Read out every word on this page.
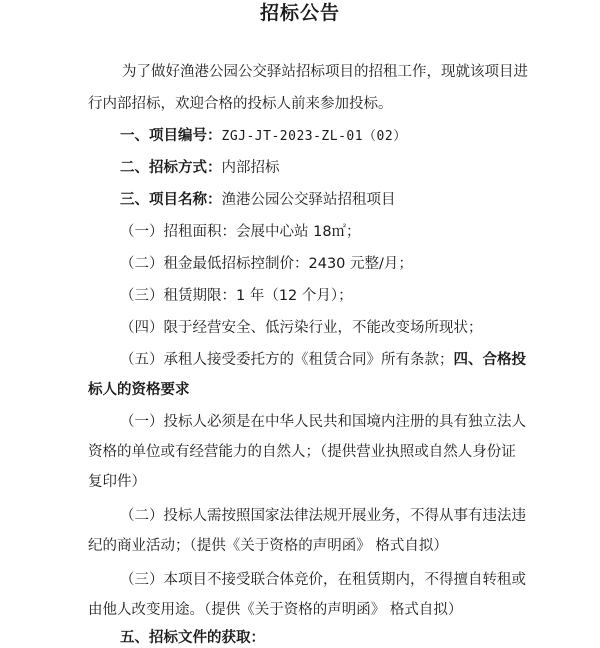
招标公告
为了做好渔港公园公交驿站招标项目的招租工作，现就该项目进
行内部招标，欢迎合格的投标人前来参加投标。
一、项目编号：ZGJ-JT-2023-ZL-01（02）
二、招标方式：内部招标
三、项目名称：渔港公园公交驿站招租项目
（一）招租面积：会展中心站 18㎡；
（二）租金最低招标控制价：2430 元整/月；
（三）租赁期限：1 年（12 个月）；
（四）限于经营安全、低污染行业，不能改变场所现状；
（五）承租人接受委托方的《租赁合同》所有条款；四、合格投
标人的资格要求
（一）投标人必须是在中华人民共和国境内注册的具有独立法人
资格的单位或有经营能力的自然人；（提供营业执照或自然人身份证
复印件）
（二）投标人需按照国家法律法规开展业务，不得从事有违法违
纪的商业活动；（提供《关于资格的声明函》 格式自拟）
（三）本项目不接受联合体竞价，在租赁期内，不得擅自转租或
由他人改变用途。（提供《关于资格的声明函》 格式自拟）
五、招标文件的获取：
